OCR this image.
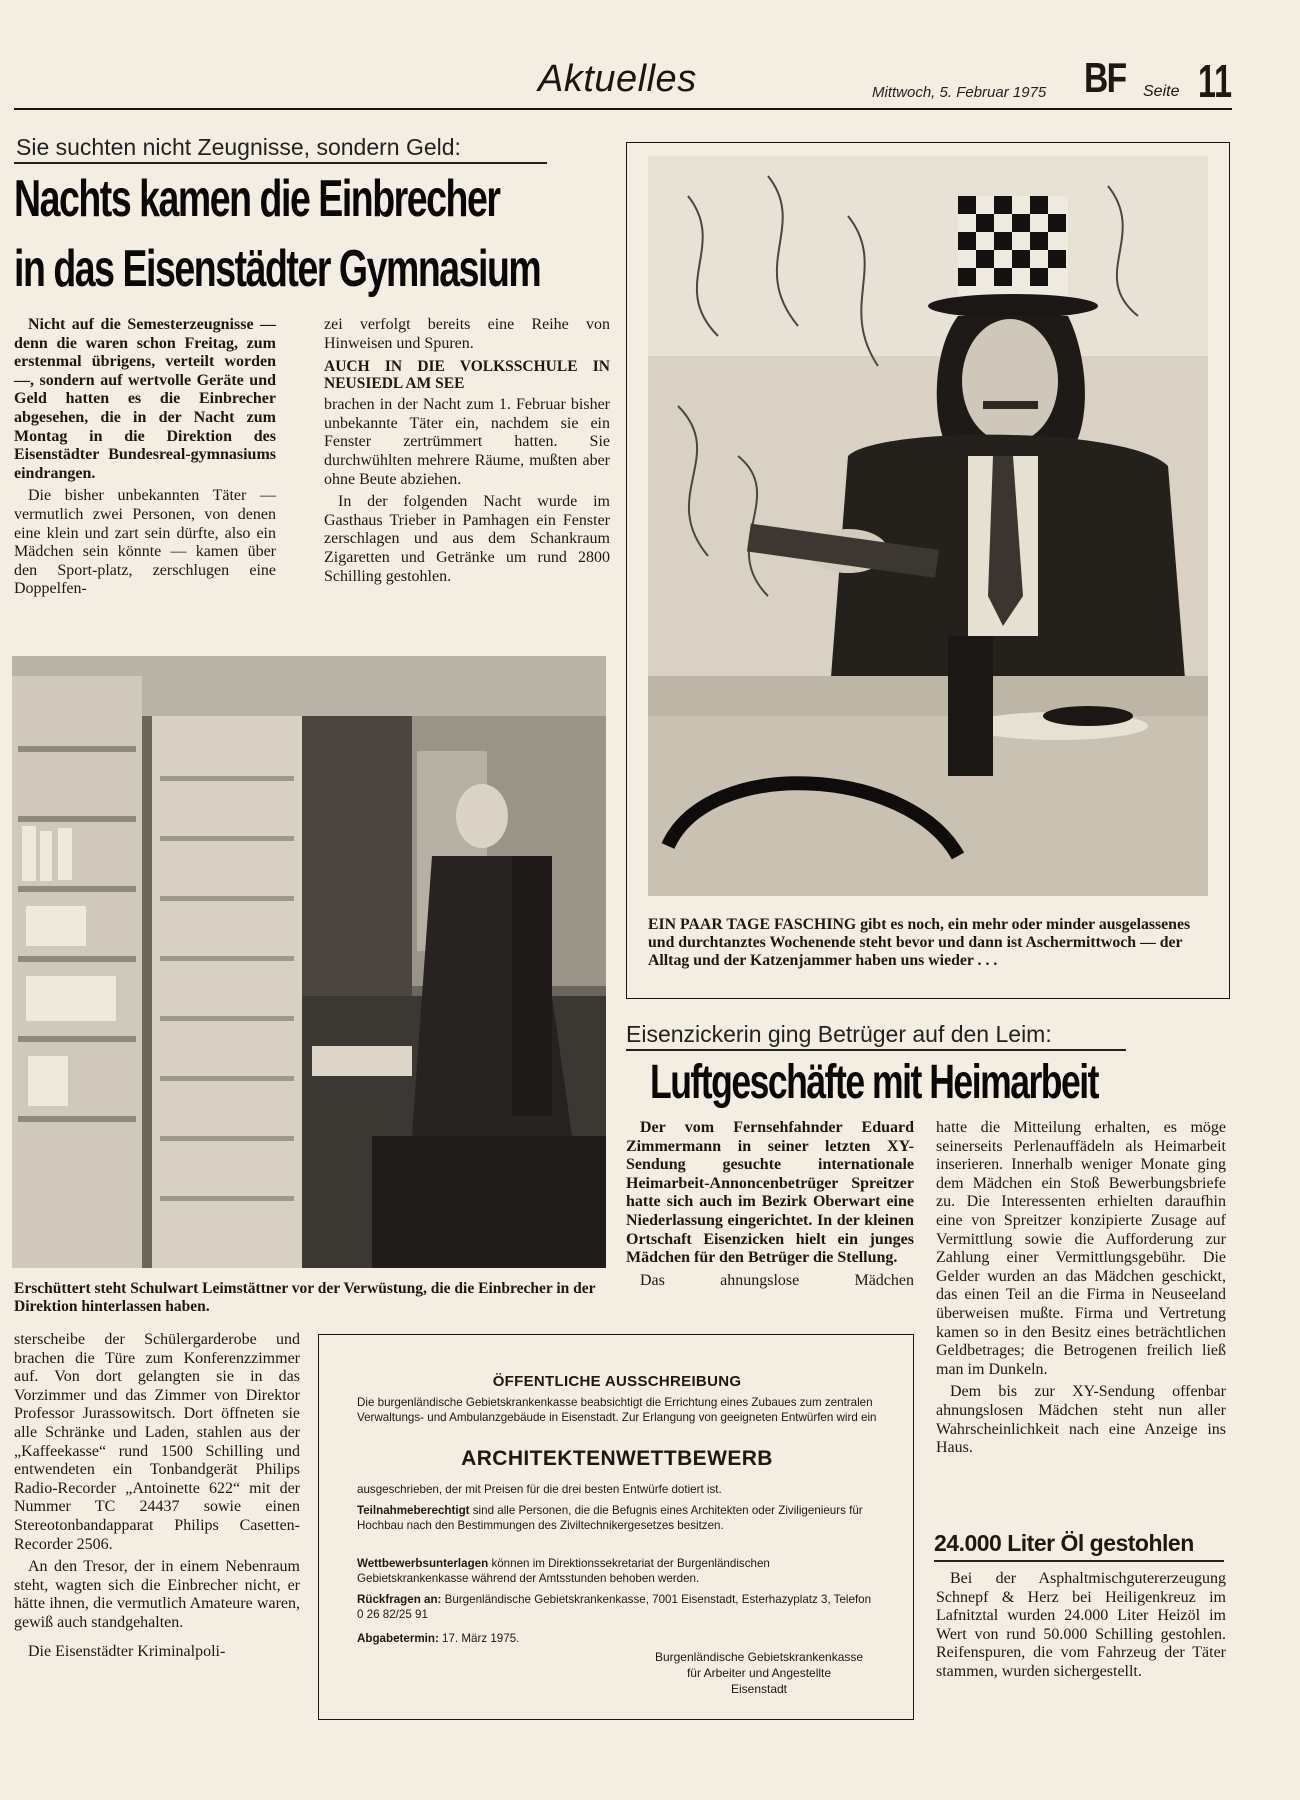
Aktuelles	Mittwoch, 5. Februar 1975 BF Seite 11
Sie suchten nicht Zeugnisse, sondern Geld:
Nachts kamen die Einbrecher
in das Eisenstädter Gymnasium

Nicht auf die Semesterzeugnisse — denn die waren schon Freitag, zum erstenmal übrigens, verteilt worden —, sondern auf wertvolle Geräte und Geld hatten es die Einbrecher abgesehen, die in der Nacht zum Montag in die Direktion des Eisenstädter Bundesreal-gymnasiums eindrangen.

Die bisher unbekannten Täter — vermutlich zwei Personen, von denen eine klein und zart sein dürfte, also ein Mädchen sein könnte — kamen über den Sport-platz, zerschlugen eine Doppelfen-

zei verfolgt bereits eine Reihe von Hinweisen und Spuren.

AUCH IN DIE VOLKSSCHULE IN NEUSIEDL AM SEE

brachen in der Nacht zum 1. Februar bisher unbekannte Täter ein, nachdem sie ein Fenster zertrümmert hatten. Sie durchwühlten mehrere Räume, mußten aber ohne Beute abziehen.

In der folgenden Nacht wurde im Gasthaus Trieber in Pamhagen ein Fenster zerschlagen und aus dem Schankraum Zigaretten und Getränke um rund 2800 Schilling gestohlen.

Erschüttert steht Schulwart Leimstättner vor der Verwüstung, die die Einbrecher in der Direktion hinterlassen haben.

sterscheibe der Schülergarderobe und brachen die Türe zum Konferenzzimmer auf. Von dort gelangten sie in das Vorzimmer und das Zimmer von Direktor Professor Jurassowitsch. Dort öffneten sie alle Schränke und Laden, stahlen aus der „Kaffeekasse“ rund 1500 Schilling und entwendeten ein Tonbandgerät Philips Radio-Recorder „Antoinette 622“ mit der Nummer TC 24437 sowie einen Stereotonbandapparat Philips Casetten-Recorder 2506.

An den Tresor, der in einem Nebenraum steht, wagten sich die Einbrecher nicht, er hätte ihnen, die vermutlich Amateure waren, gewiß auch standgehalten.

Die Eisenstädter Kriminalpoli-

EIN PAAR TAGE FASCHING gibt es noch, ein mehr oder minder ausgelassenes und durchtanztes Wochenende steht bevor und dann ist Aschermittwoch — der Alltag und der Katzenjammer haben uns wieder . . .
Eisenzickerin ging Betrüger auf den Leim:
Luftgeschäfte mit Heimarbeit

Der vom Fernsehfahnder Eduard Zimmermann in seiner letzten XY-Sendung gesuchte internationale Heimarbeit-Annoncenbetrüger Spreitzer hatte sich auch im Bezirk Oberwart eine Niederlassung eingerichtet. In der kleinen Ortschaft Eisenzicken hielt ein junges Mädchen für den Betrüger die Stellung.

Das ahnungslose Mädchen

hatte die Mitteilung erhalten, es möge seinerseits Perlenauffädeln als Heimarbeit inserieren. Innerhalb weniger Monate ging dem Mädchen ein Stoß Bewerbungsbriefe zu. Die Interessenten erhielten daraufhin eine von Spreitzer konzipierte Zusage auf Vermittlung sowie die Aufforderung zur Zahlung einer Vermittlungsgebühr. Die Gelder wurden an das Mädchen geschickt, das einen Teil an die Firma in Neuseeland überweisen mußte. Firma und Vertretung kamen so in den Besitz eines beträchtlichen Geldbetrages; die Betrogenen freilich ließ man im Dunkeln.

Dem bis zur XY-Sendung offenbar ahnungslosen Mädchen steht nun aller Wahrscheinlichkeit nach eine Anzeige ins Haus.

24.000 Liter Öl gestohlen

Bei der Asphaltmischgutererzeugung Schnepf & Herz bei Heiligenkreuz im Lafnitztal wurden 24.000 Liter Heizöl im Wert von rund 50.000 Schilling gestohlen. Reifenspuren, die vom Fahrzeug der Täter stammen, wurden sichergestellt.

ÖFFENTLICHE AUSSCHREIBUNG
Die burgenländische Gebietskrankenkasse beabsichtigt die Errichtung eines Zubaues zum zentralen Verwaltungs- und Ambulanzgebäude in Eisenstadt. Zur Erlangung von geeigneten Entwürfen wird ein
ARCHITEKTENWETTBEWERB
ausgeschrieben, der mit Preisen für die drei besten Entwürfe dotiert ist.
Teilnahmeberechtigt sind alle Personen, die die Befugnis eines Architekten oder Ziviligenieurs für Hochbau nach den Bestimmungen des Ziviltechnikergesetzes besitzen.
Wettbewerbsunterlagen können im Direktionssekretariat der Burgenländischen Gebietskrankenkasse während der Amtsstunden behoben werden.
Rückfragen an: Burgenländische Gebietskrankenkasse, 7001 Eisenstadt, Esterhazyplatz 3, Telefon 0 26 82/25 91
Abgabetermin: 17. März 1975.
Burgenländische Gebietskrankenkasse
für Arbeiter und Angestellte
Eisenstadt
